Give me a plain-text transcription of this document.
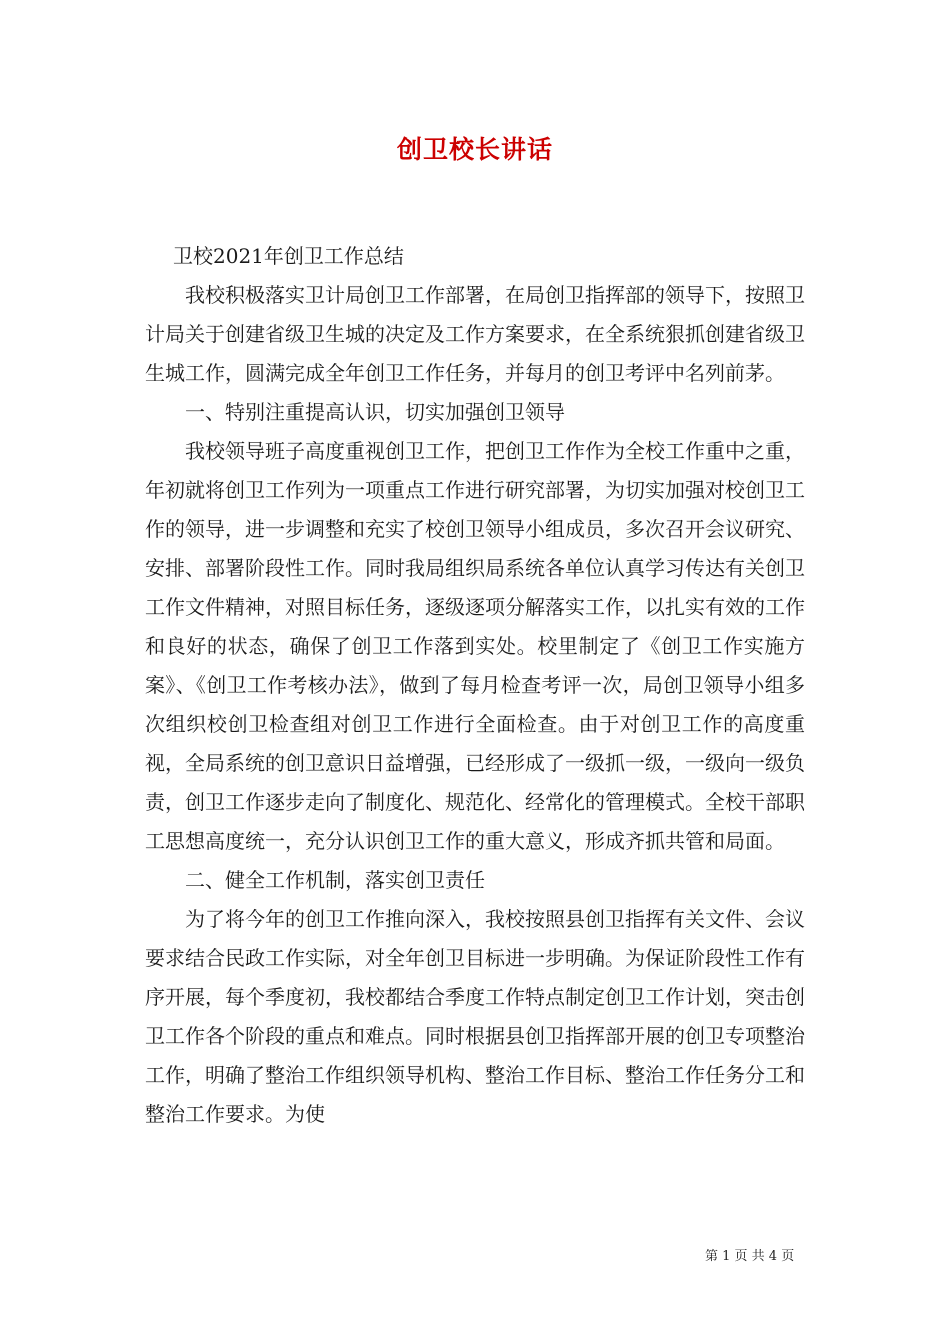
创卫校长讲话

卫校2021年创卫工作总结

我校积极落实卫计局创卫工作部署，在局创卫指挥部的领导下，按照卫计局关于创建省级卫生城的决定及工作方案要求，在全系统狠抓创建省级卫生城工作，圆满完成全年创卫工作任务，并每月的创卫考评中名列前茅。

一、特别注重提高认识，切实加强创卫领导

我校领导班子高度重视创卫工作，把创卫工作作为全校工作重中之重，年初就将创卫工作列为一项重点工作进行研究部署，为切实加强对校创卫工作的领导，进一步调整和充实了校创卫领导小组成员，多次召开会议研究、安排、部署阶段性工作。同时我局组织局系统各单位认真学习传达有关创卫工作文件精神，对照目标任务，逐级逐项分解落实工作，以扎实有效的工作和良好的状态，确保了创卫工作落到实处。校里制定了《创卫工作实施方案》、《创卫工作考核办法》，做到了每月检查考评一次，局创卫领导小组多次组织校创卫检查组对创卫工作进行全面检查。由于对创卫工作的高度重视，全局系统的创卫意识日益增强，已经形成了一级抓一级，一级向一级负责，创卫工作逐步走向了制度化、规范化、经常化的管理模式。全校干部职工思想高度统一，充分认识创卫工作的重大意义，形成齐抓共管和局面。

二、健全工作机制，落实创卫责任

为了将今年的创卫工作推向深入，我校按照县创卫指挥有关文件、会议要求结合民政工作实际，对全年创卫目标进一步明确。为保证阶段性工作有序开展，每个季度初，我校都结合季度工作特点制定创卫工作计划，突击创卫工作各个阶段的重点和难点。同时根据县创卫指挥部开展的创卫专项整治工作，明确了整治工作组织领导机构、整治工作目标、整治工作任务分工和整治工作要求。为使

第 1 页 共 4 页
